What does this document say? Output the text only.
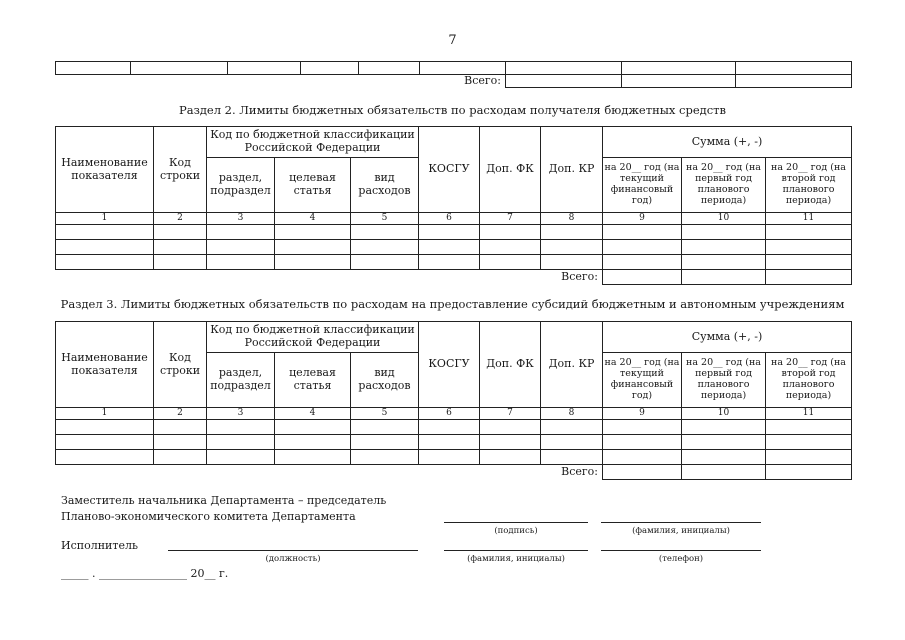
7

					Всего:			
Раздел 2. Лимиты бюджетных обязательств по расходам получателя бюджетных средств
Наименование показателя	Код строки	Код по бюджетной классификации Российской Федерации			КОСГУ	Доп. ФК	Доп. КР	Сумма (+, -)		
		раздел, подраздел	целевая статья	вид расходов				на 20__ год (на текущий финансовый год)	на 20__ год (на первый год планового периода)	на 20__ год (на второй год планового периода)
1	2	3	4	5	6	7	8	9	10	11

Всего:										
Раздел 3. Лимиты бюджетных обязательств по расходам на предоставление субсидий бюджетным и автономным учреждениям
Наименование показателя	Код строки	Код по бюджетной классификации Российской Федерации			КОСГУ	Доп. ФК	Доп. КР	Сумма (+, -)		
		раздел, подраздел	целевая статья	вид расходов				на 20__ год (на текущий финансовый год)	на 20__ год (на первый год планового периода)	на 20__ год (на второй год планового периода)
1	2	3	4	5	6	7	8	9	10	11

Всего:										
Заместитель начальника Департамента – председатель
Планово-экономического комитета Департамента
(подпись)	(фамилия, инициалы)
Исполнитель
(должность)	(фамилия, инициалы)	(телефон)
_____ . ________________ 20__ г.
